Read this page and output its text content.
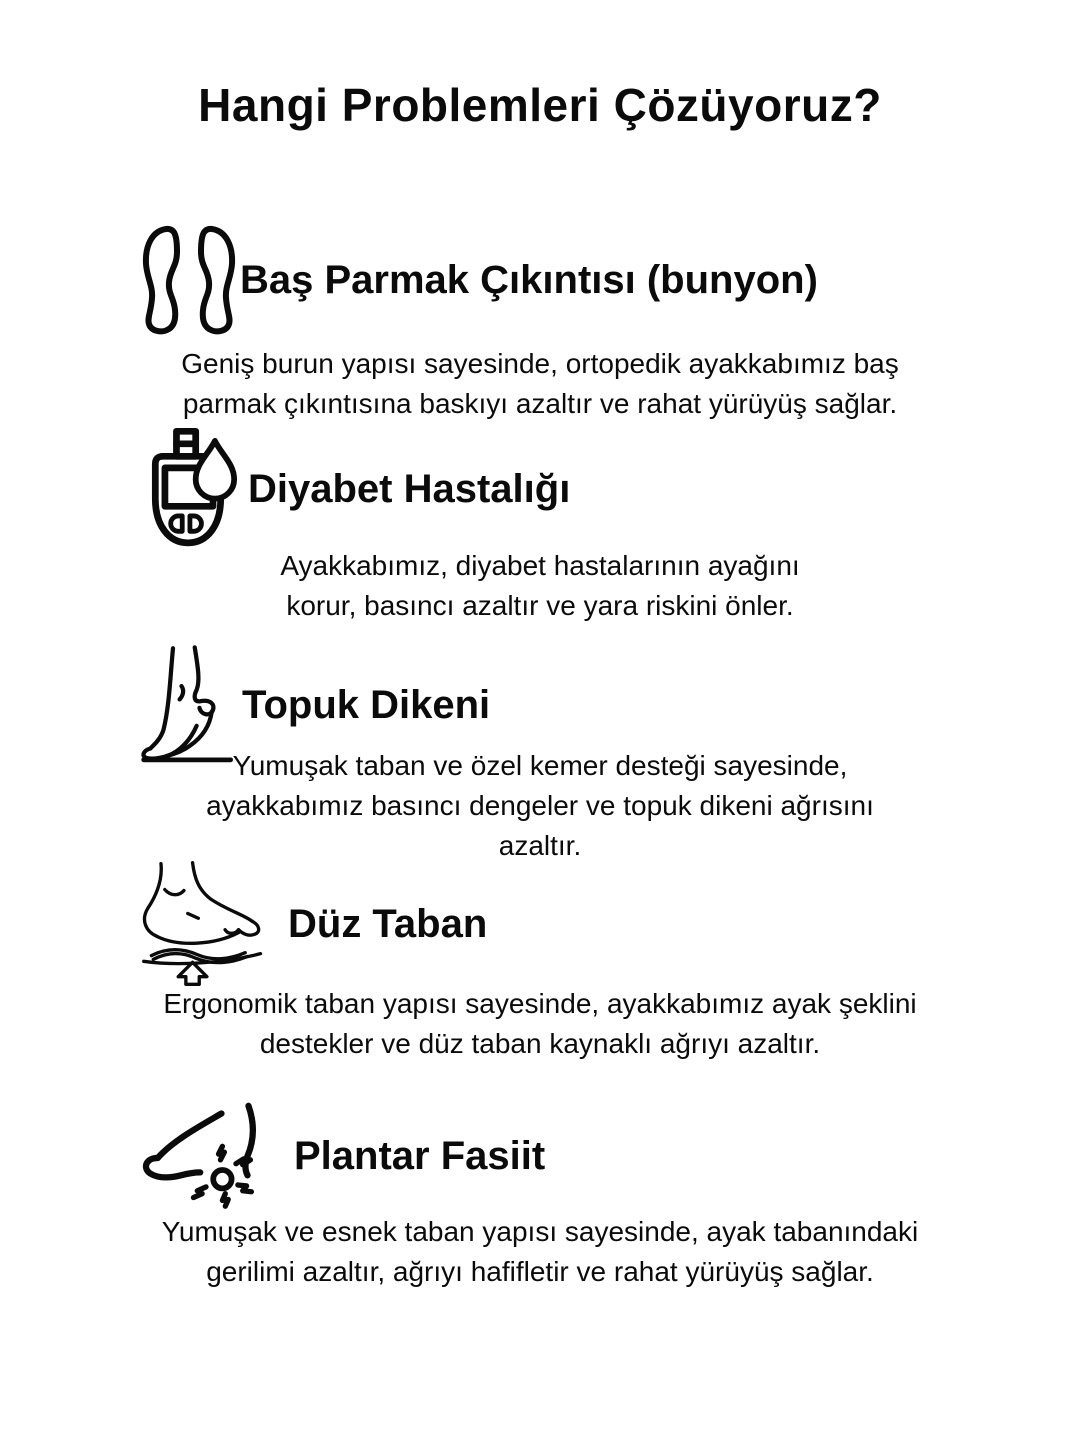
Hangi Problemleri Çözüyoruz?
Baş Parmak Çıkıntısı (bunyon)
Geniş burun yapısı sayesinde, ortopedik ayakkabımız baş
parmak çıkıntısına baskıyı azaltır ve rahat yürüyüş sağlar.
Diyabet Hastalığı
Ayakkabımız, diyabet hastalarının ayağını
korur, basıncı azaltır ve yara riskini önler.
Topuk Dikeni
Yumuşak taban ve özel kemer desteği sayesinde,
ayakkabımız basıncı dengeler ve topuk dikeni ağrısını
azaltır.
Düz Taban
Ergonomik taban yapısı sayesinde, ayakkabımız ayak şeklini
destekler ve düz taban kaynaklı ağrıyı azaltır.
Plantar Fasiit
Yumuşak ve esnek taban yapısı sayesinde, ayak tabanındaki
gerilimi azaltır, ağrıyı hafifletir ve rahat yürüyüş sağlar.
